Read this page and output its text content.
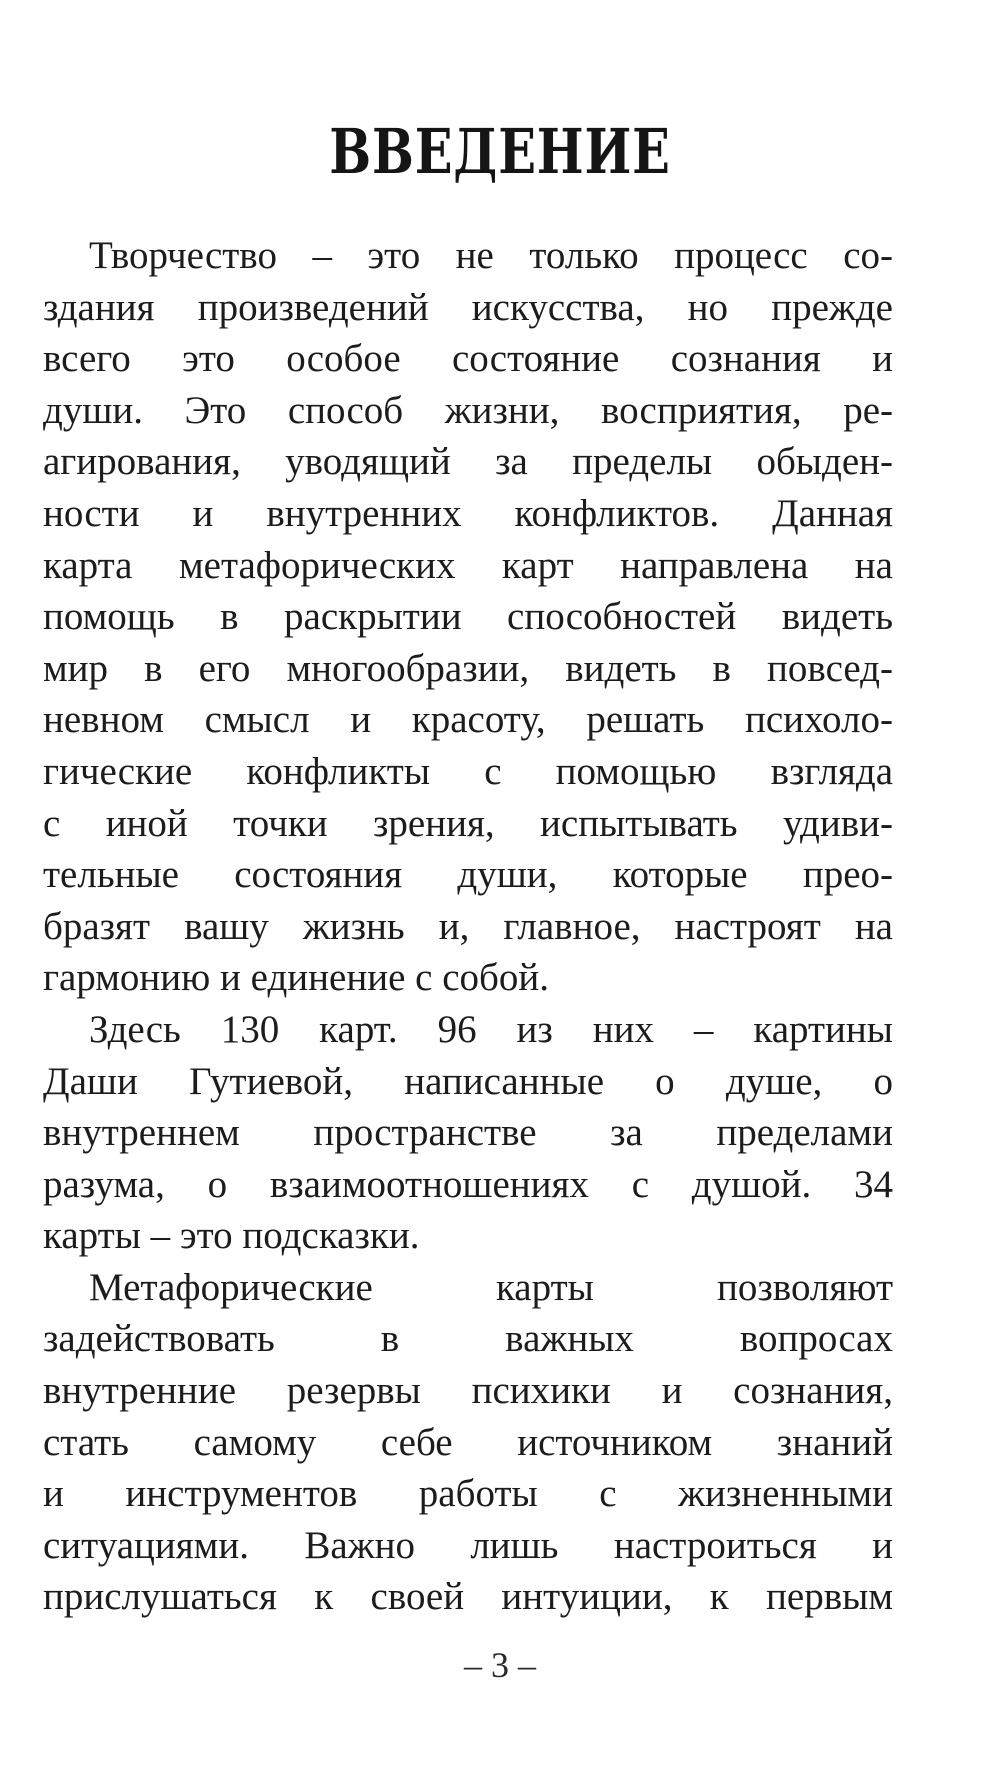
ВВЕДЕНИЕ
Творчество – это не только процесс со-
здания произведений искусства, но прежде
всего это особое состояние сознания и
души. Это способ жизни, восприятия, ре-
агирования, уводящий за пределы обыден-
ности и внутренних конфликтов. Данная
карта метафорических карт направлена на
помощь в раскрытии способностей видеть
мир в его многообразии, видеть в повсед-
невном смысл и красоту, решать психоло-
гические конфликты с помощью взгляда
с иной точки зрения, испытывать удиви-
тельные состояния души, которые прео-
бразят вашу жизнь и, главное, настроят на
гармонию и единение с собой.
Здесь 130 карт. 96 из них – картины
Даши Гутиевой, написанные о душе, о
внутреннем пространстве за пределами
разума, о взаимоотношениях с душой. 34
карты – это подсказки.
Метафорические карты позволяют
задействовать в важных вопросах
внутренние резервы психики и сознания,
стать самому себе источником знаний
и инструментов работы с жизненными
ситуациями. Важно лишь настроиться и
прислушаться к своей интуиции, к первым
– 3 –
